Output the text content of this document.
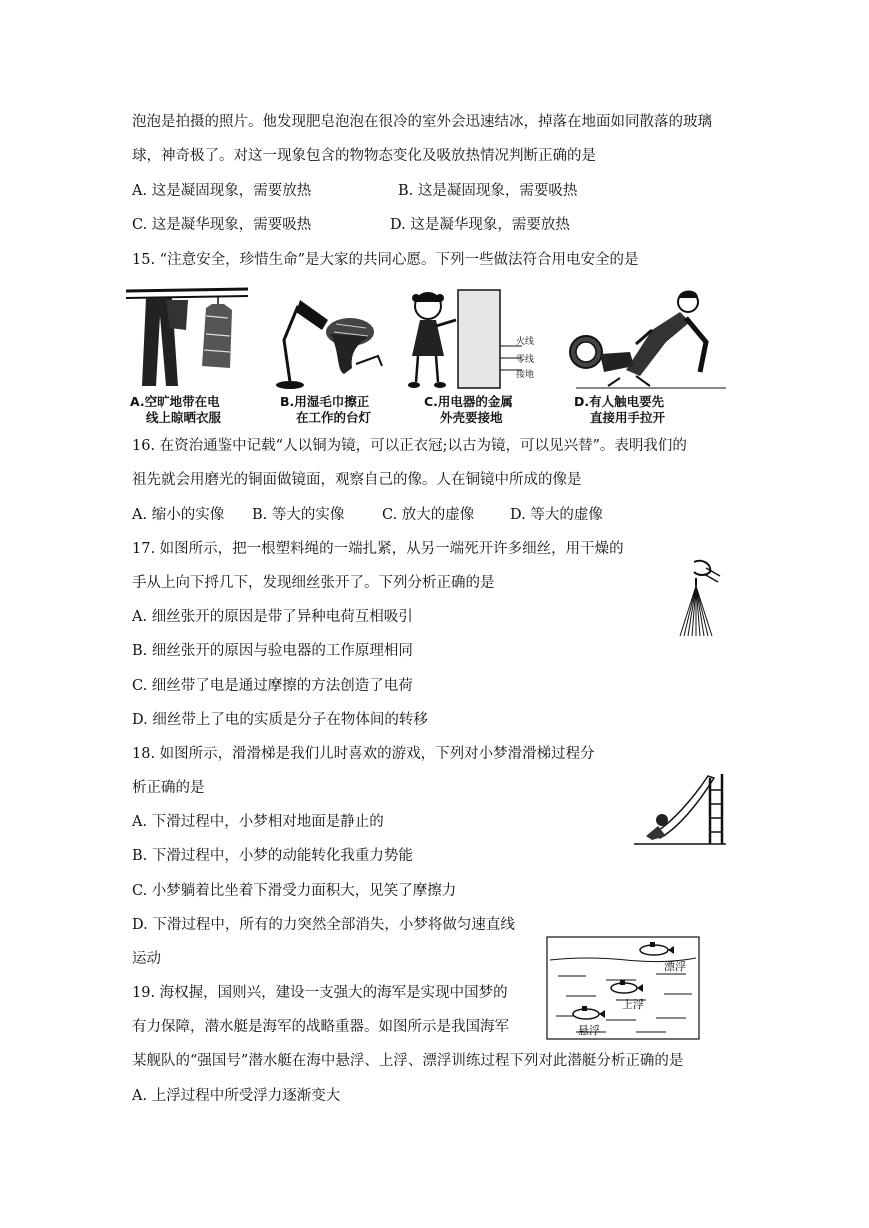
泡泡是拍摄的照片。他发现肥皂泡泡在很冷的室外会迅速结冰，掉落在地面如同散落的玻璃
球，神奇极了。对这一现象包含的物物态变化及吸放热情况判断正确的是
A. 这是凝固现象，需要放热	B. 这是凝固现象，需要吸热
C. 这是凝华现象，需要吸热	D. 这是凝华现象，需要放热
15. “注意安全，珍惜生命”是大家的共同心愿。下列一些做法符合用电安全的是
A.空旷地带在电
线上晾晒衣服
B.用湿毛巾擦正
在工作的台灯
火线
零线
接地
C.用电器的金属
外壳要接地
D.有人触电要先
直接用手拉开
16. 在资治通鉴中记载“人以铜为镜，可以正衣冠;以古为镜，可以见兴替”。表明我们的
祖先就会用磨光的铜面做镜面，观察自己的像。人在铜镜中所成的像是
A. 缩小的实像 B. 等大的实像	C. 放大的虚像 D. 等大的虚像
17. 如图所示，把一根塑料绳的一端扎紧，从另一端死开许多细丝，用干燥的
手从上向下捋几下，发现细丝张开了。下列分析正确的是
A. 细丝张开的原因是带了异种电荷互相吸引
B. 细丝张开的原因与验电器的工作原理相同
C. 细丝带了电是通过摩擦的方法创造了电荷
D. 细丝带上了电的实质是分子在物体间的转移
18. 如图所示，滑滑梯是我们儿时喜欢的游戏，下列对小梦滑滑梯过程分
析正确的是
A. 下滑过程中，小梦相对地面是静止的
B. 下滑过程中，小梦的动能转化我重力势能
C. 小梦躺着比坐着下滑受力面积大，见笑了摩擦力
D. 下滑过程中，所有的力突然全部消失，小梦将做匀速直线
运动	漂浮
上浮
悬浮
19. 海权握，国则兴，建设一支强大的海军是实现中国梦的
有力保障，潜水艇是海军的战略重器。如图所示是我国海军
某舰队的“强国号”潜水艇在海中悬浮、上浮、漂浮训练过程下列对此潜艇分析正确的是
A. 上浮过程中所受浮力逐渐变大
